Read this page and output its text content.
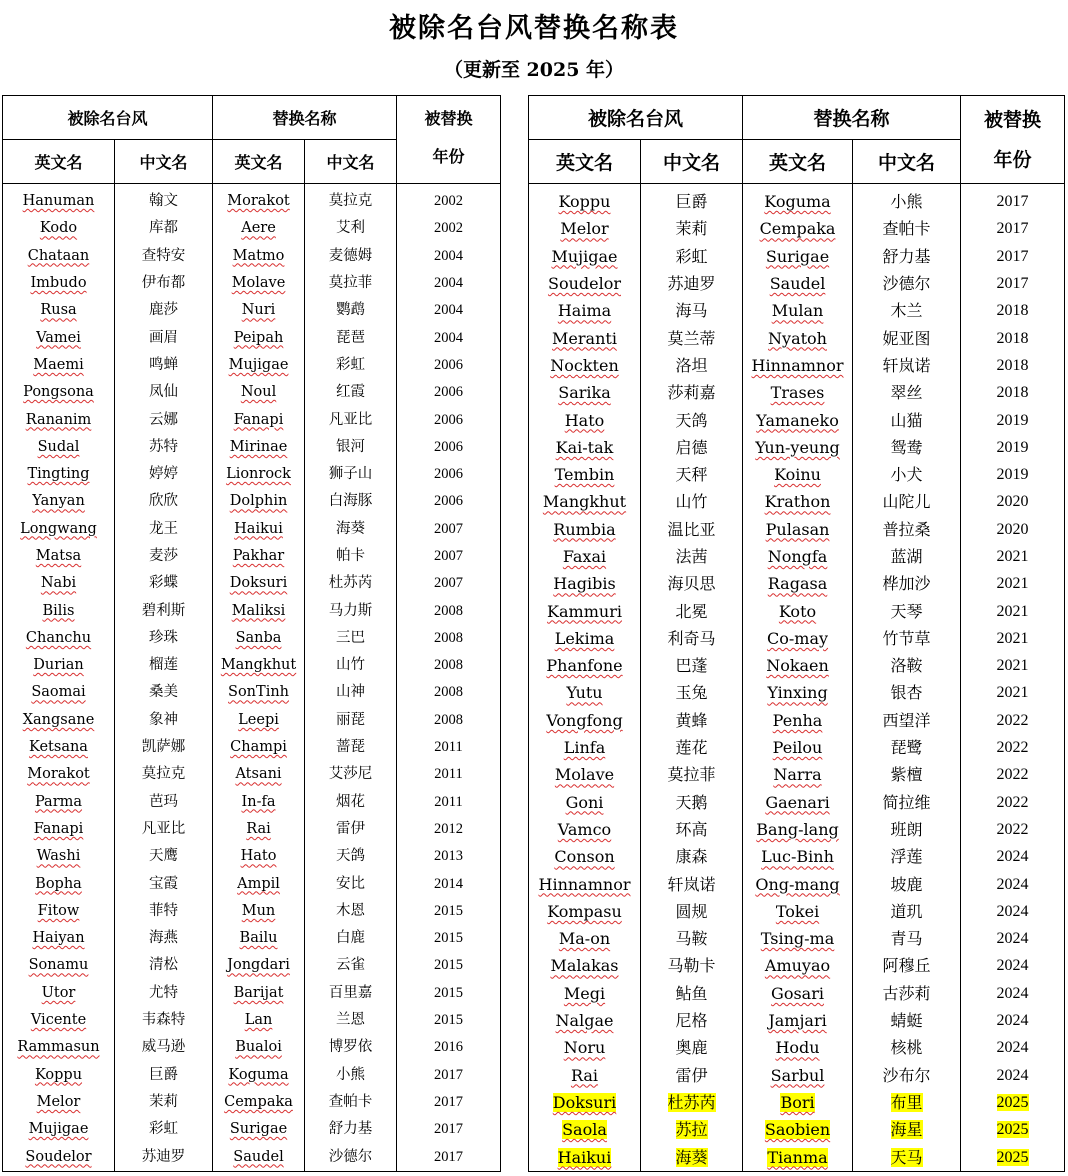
被除名台风替换名称表
（更新至 2025 年）
被除名台风		替换名称		被替换
年份
英文名	中文名	英文名	中文名	

Hanuman	翰文	Morakot	莫拉克	2002
Kodo	库都	Aere	艾利	2002
Chataan	查特安	Matmo	麦德姆	2004
Imbudo	伊布都	Molave	莫拉菲	2004
Rusa	鹿莎	Nuri	鹦鹉	2004
Vamei	画眉	Peipah	琵琶	2004
Maemi	鸣蝉	Mujigae	彩虹	2006
Pongsona	凤仙	Noul	红霞	2006
Rananim	云娜	Fanapi	凡亚比	2006
Sudal	苏特	Mirinae	银河	2006
Tingting	婷婷	Lionrock	狮子山	2006
Yanyan	欣欣	Dolphin	白海豚	2006
Longwang	龙王	Haikui	海葵	2007
Matsa	麦莎	Pakhar	帕卡	2007
Nabi	彩蝶	Doksuri	杜苏芮	2007
Bilis	碧利斯	Maliksi	马力斯	2008
Chanchu	珍珠	Sanba	三巴	2008
Durian	榴莲	Mangkhut	山竹	2008
Saomai	桑美	SonTinh	山神	2008
Xangsane	象神	Leepi	丽琵	2008
Ketsana	凯萨娜	Champi	蔷琵	2011
Morakot	莫拉克	Atsani	艾莎尼	2011
Parma	芭玛	In-fa	烟花	2011
Fanapi	凡亚比	Rai	雷伊	2012
Washi	天鹰	Hato	天鸽	2013
Bopha	宝霞	Ampil	安比	2014
Fitow	菲特	Mun	木恩	2015
Haiyan	海燕	Bailu	白鹿	2015
Sonamu	清松	Jongdari	云雀	2015
Utor	尤特	Barijat	百里嘉	2015
Vicente	韦森特	Lan	兰恩	2015
Rammasun	威马逊	Bualoi	博罗依	2016
Koppu	巨爵	Koguma	小熊	2017
Melor	茉莉	Cempaka	查帕卡	2017
Mujigae	彩虹	Surigae	舒力基	2017
Soudelor	苏迪罗	Saudel	沙德尔	2017
被除名台风		替换名称		被替换
年份
英文名	中文名	英文名	中文名	

Koppu	巨爵	Koguma	小熊	2017
Melor	茉莉	Cempaka	查帕卡	2017
Mujigae	彩虹	Surigae	舒力基	2017
Soudelor	苏迪罗	Saudel	沙德尔	2017
Haima	海马	Mulan	木兰	2018
Meranti	莫兰蒂	Nyatoh	妮亚图	2018
Nockten	洛坦	Hinnamnor	轩岚诺	2018
Sarika	莎莉嘉	Trases	翠丝	2018
Hato	天鸽	Yamaneko	山猫	2019
Kai-tak	启德	Yun-yeung	鸳鸯	2019
Tembin	天秤	Koinu	小犬	2019
Mangkhut	山竹	Krathon	山陀儿	2020
Rumbia	温比亚	Pulasan	普拉桑	2020
Faxai	法茜	Nongfa	蓝湖	2021
Hagibis	海贝思	Ragasa	桦加沙	2021
Kammuri	北冕	Koto	天琴	2021
Lekima	利奇马	Co-may	竹节草	2021
Phanfone	巴蓬	Nokaen	洛鞍	2021
Yutu	玉兔	Yinxing	银杏	2021
Vongfong	黄蜂	Penha	西望洋	2022
Linfa	莲花	Peilou	琵鹭	2022
Molave	莫拉菲	Narra	紫檀	2022
Goni	天鹅	Gaenari	简拉维	2022
Vamco	环高	Bang-lang	班朗	2022
Conson	康森	Luc-Binh	浮莲	2024
Hinnamnor	轩岚诺	Ong-mang	坡鹿	2024
Kompasu	圆规	Tokei	道玑	2024
Ma-on	马鞍	Tsing-ma	青马	2024
Malakas	马勒卡	Amuyao	阿穆丘	2024
Megi	鲇鱼	Gosari	古莎莉	2024
Nalgae	尼格	Jamjari	蜻蜓	2024
Noru	奥鹿	Hodu	核桃	2024
Rai	雷伊	Sarbul	沙布尔	2024
Doksuri	杜苏芮	Bori	布里	2025
Saola	苏拉	Saobien	海星	2025
Haikui	海葵	Tianma	天马	2025
